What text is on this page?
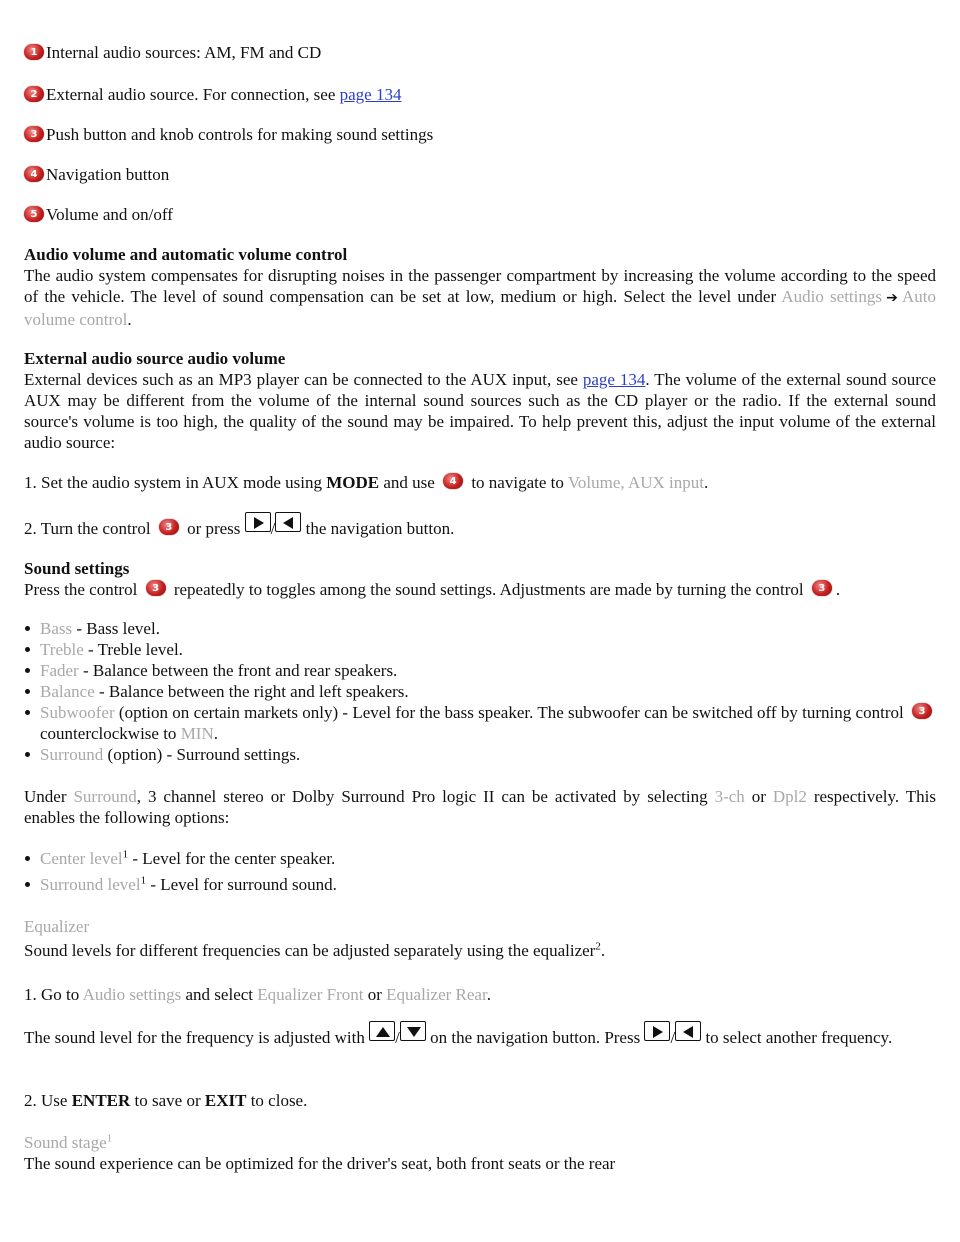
1 Internal audio sources: AM, FM and CD
2 External audio source. For connection, see page 134
3 Push button and knob controls for making sound settings
4 Navigation button
5 Volume and on/off
Audio volume and automatic volume control
The audio system compensates for disrupting noises in the passenger compartment by increasing the volume according to the speed of the vehicle. The level of sound compensation can be set at low, medium or high. Select the level under Audio settings ➔ Auto volume control.
External audio source audio volume
External devices such as an MP3 player can be connected to the AUX input, see page 134. The volume of the external sound source AUX may be different from the volume of the internal sound sources such as the CD player or the radio. If the external sound source's volume is too high, the quality of the sound may be impaired. To help prevent this, adjust the input volume of the external audio source:
1. Set the audio system in AUX mode using MODE and use 4 to navigate to Volume, AUX input.
2. Turn the control 3 or press
/
the navigation button.
Sound settings
Press the control 3 repeatedly to toggles among the sound settings. Adjustments are made by turning the control 3 .
Bass - Bass level.
Treble - Treble level.
Fader - Balance between the front and rear speakers.
Balance - Balance between the right and left speakers.
Subwoofer (option on certain markets only) - Level for the bass speaker. The subwoofer can be switched off by turning control 3 counterclockwise to MIN.
Surround (option) - Surround settings.
Under Surround, 3 channel stereo or Dolby Surround Pro logic II can be activated by selecting 3-ch or Dpl2 respectively. This enables the following options:
Center level$^1$ - Level for the center speaker.
Surround level$^1$ - Level for surround sound.
Equalizer
Sound levels for different frequencies can be adjusted separately using the equalizer$^2$.
1. Go to Audio settings and select Equalizer Front or Equalizer Rear.
The sound level for the frequency is adjusted with
/
on the navigation button. Press
/
to select another frequency.
2. Use ENTER to save or EXIT to close.
Sound stage$^1$
The sound experience can be optimized for the driver's seat, both front seats or the rear
